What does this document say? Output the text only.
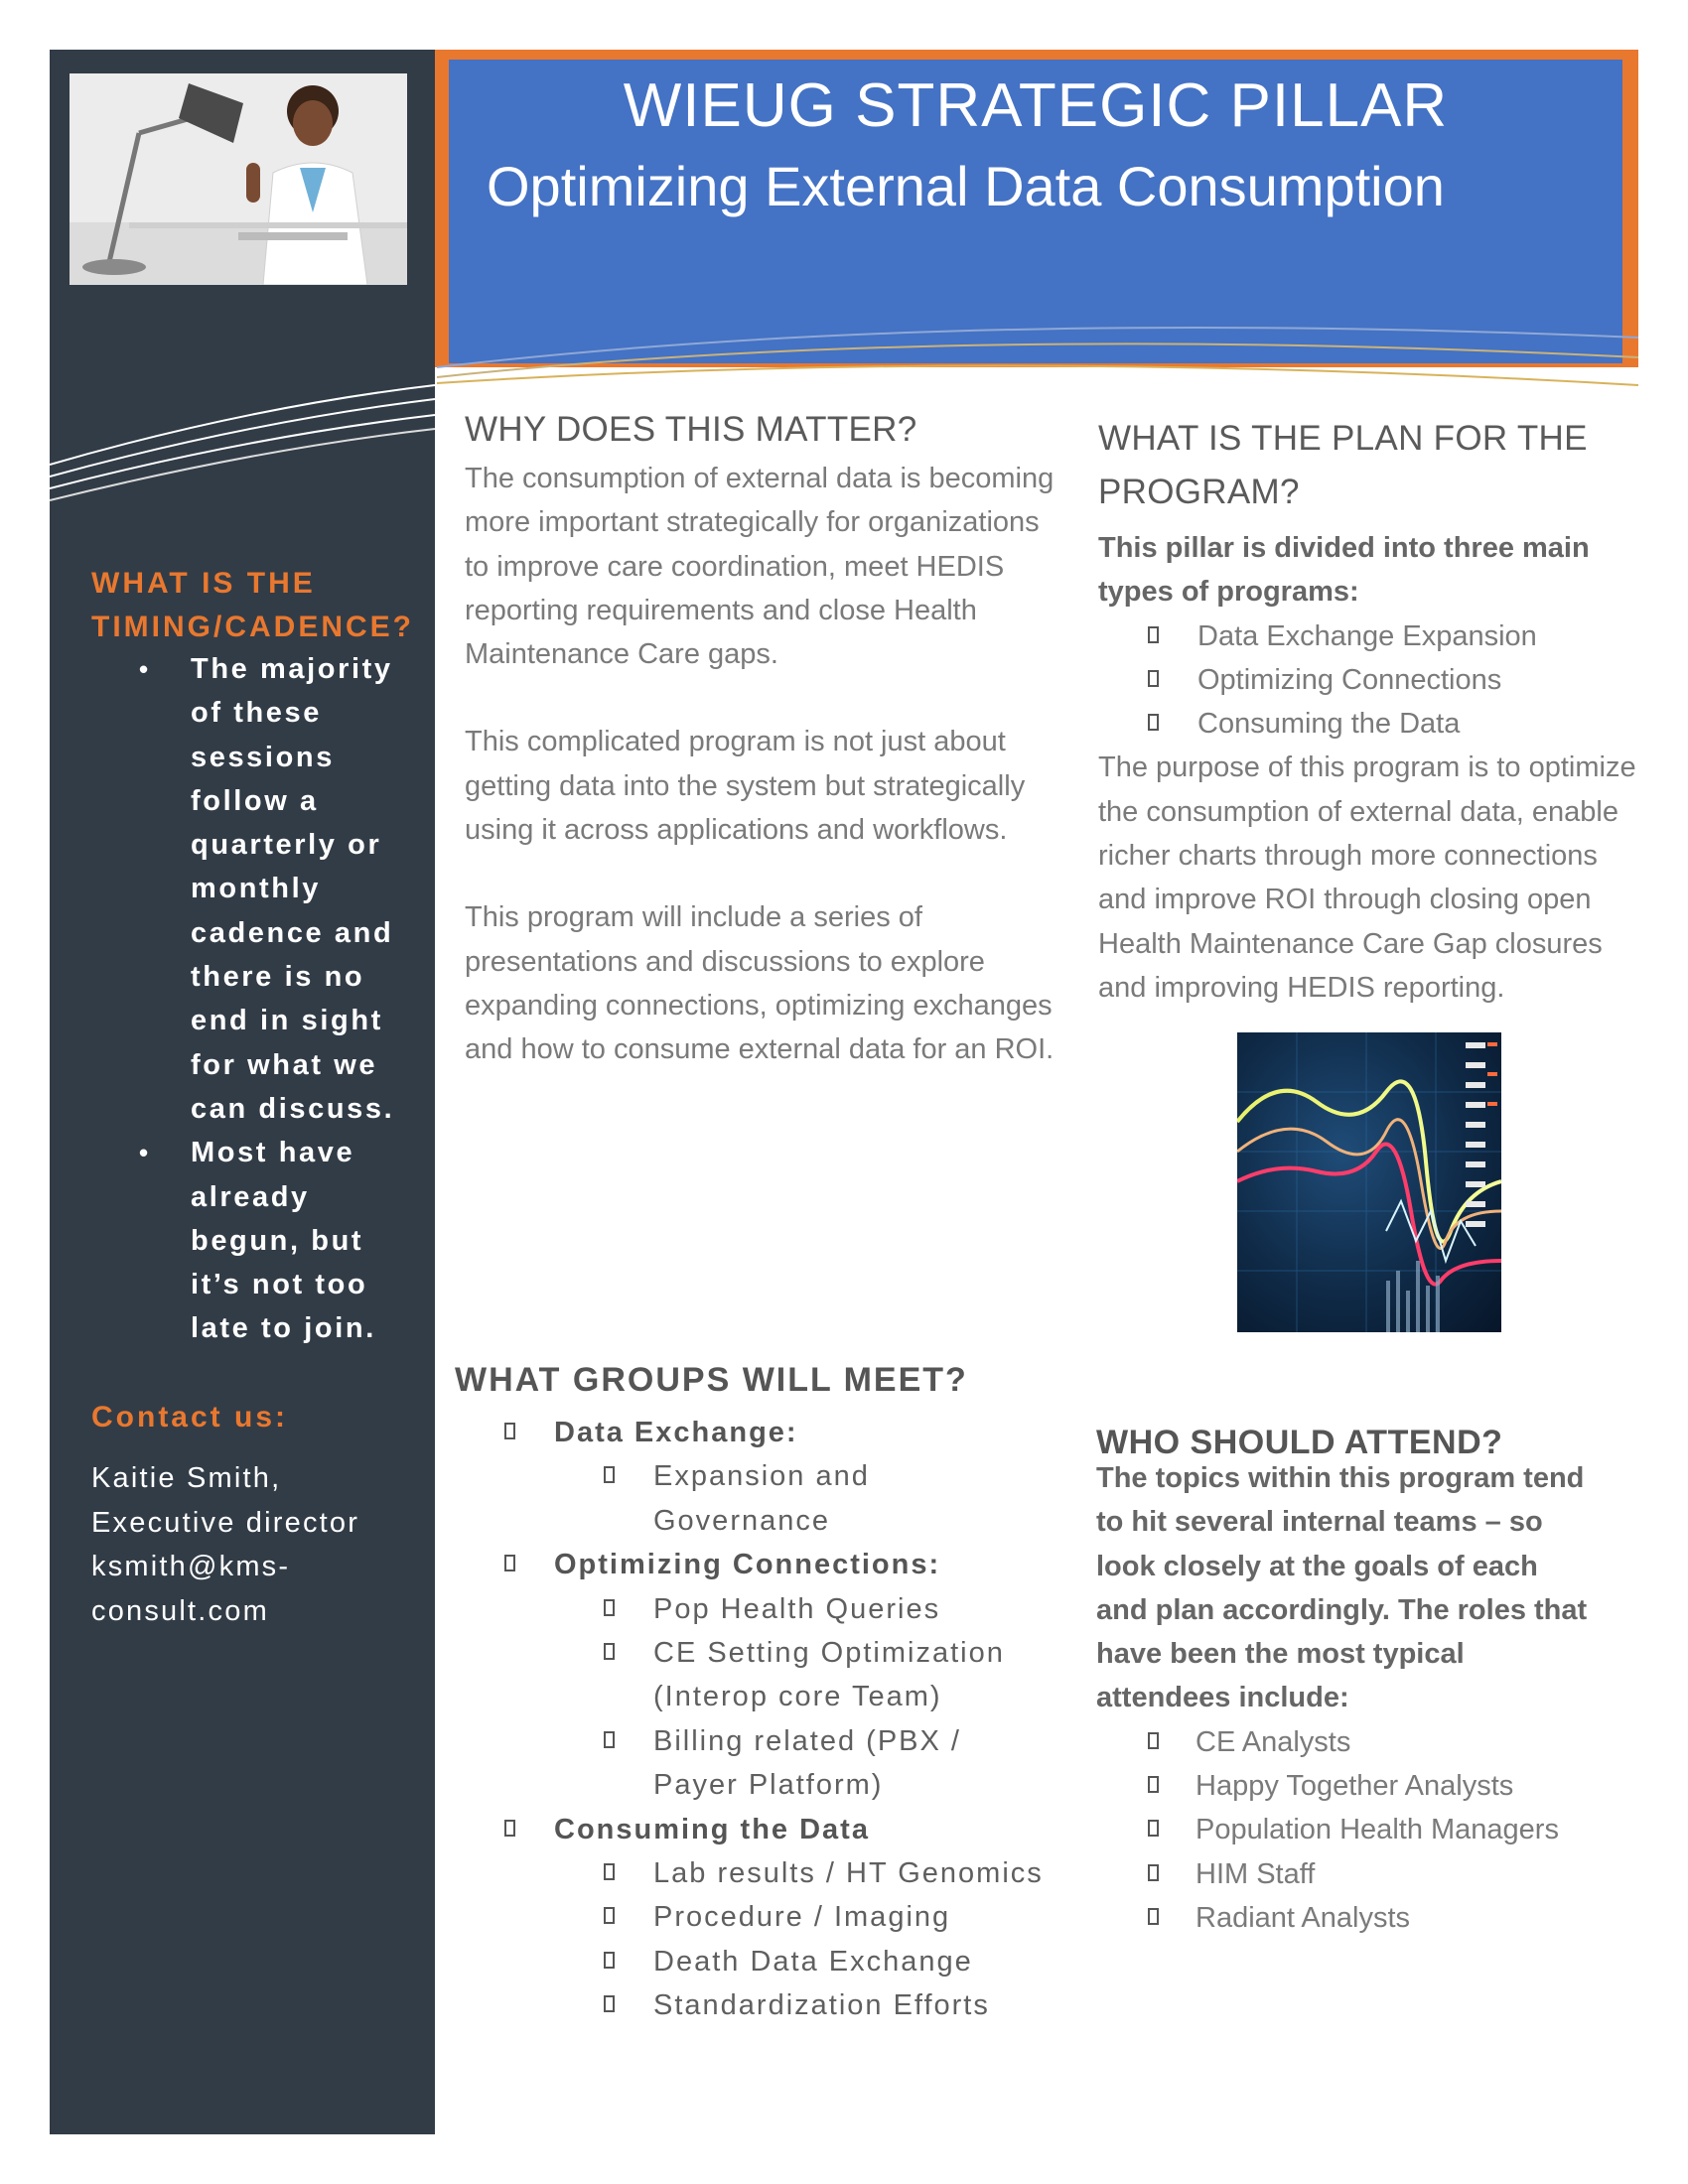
WHAT IS THE TIMING/CADENCE?
• The majority of these sessions follow a quarterly or monthly cadence and there is no end in sight for what we can discuss.
• Most have already begun, but it’s not too late to join.
Contact us:
Kaitie Smith, Executive director ksmith@kms-consult.com
WIEUG STRATEGIC PILLAR
Optimizing External Data Consumption
WHY DOES THIS MATTER?

The consumption of external data is becoming more important strategically for organizations to improve care coordination, meet HEDIS reporting requirements and close Health Maintenance Care gaps.

This complicated program is not just about getting data into the system but strategically using it across applications and workflows.

This program will include a series of presentations and discussions to explore expanding connections, optimizing exchanges and how to consume external data for an ROI.

WHAT IS THE PLAN FOR THE PROGRAM?

This pillar is divided into three main types of programs:

Data Exchange Expansion
Optimizing Connections
Consuming the Data

The purpose of this program is to optimize the consumption of external data, enable richer charts through more connections and improve ROI through closing open Health Maintenance Care Gap closures and improving HEDIS reporting.

WHAT GROUPS WILL MEET?
Data Exchange:
Expansion and Governance
Optimizing Connections:
Pop Health Queries
CE Setting Optimization (Interop core Team)
Billing related (PBX / Payer Platform)
Consuming the Data
Lab results / HT Genomics
Procedure / Imaging
Death Data Exchange
Standardization Efforts
WHO SHOULD ATTEND?

The topics within this program tend to hit several internal teams – so look closely at the goals of each and plan accordingly. The roles that have been the most typical attendees include:

CE Analysts
Happy Together Analysts
Population Health Managers
HIM Staff
Radiant Analysts
